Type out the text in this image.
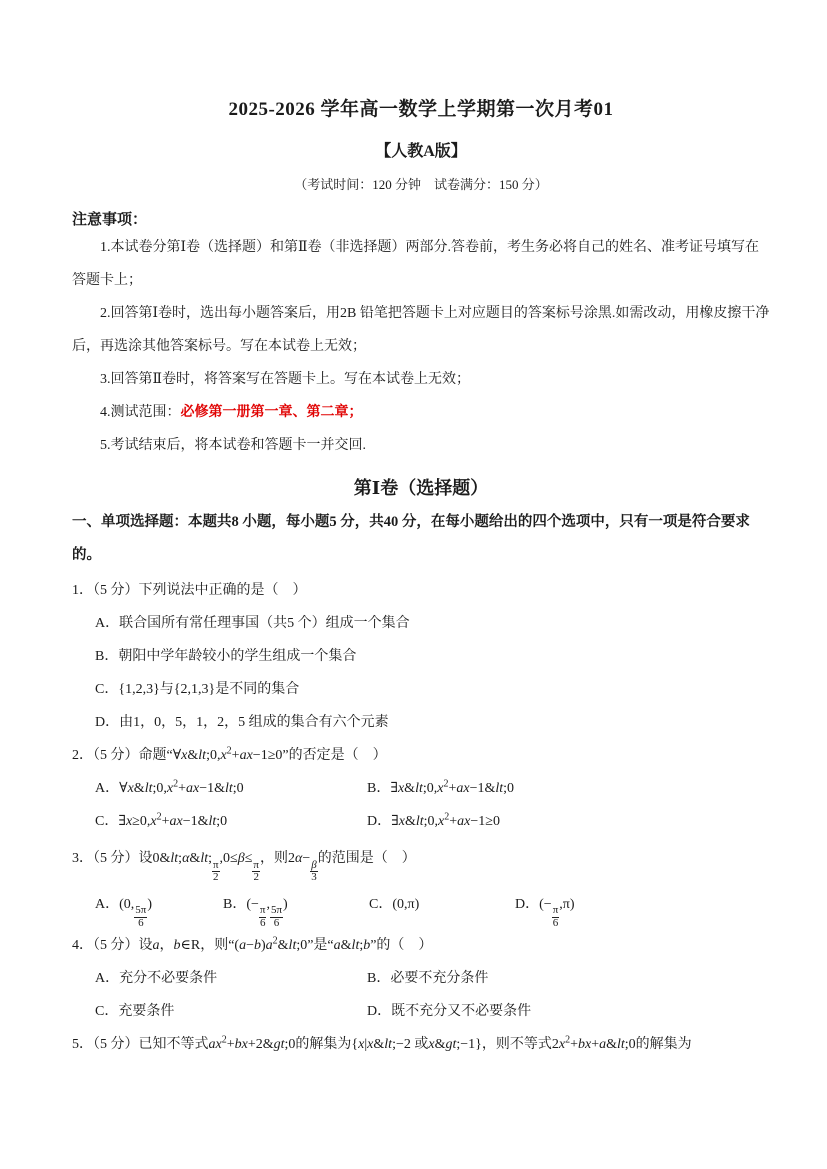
2025-2026 学年高一数学上学期第一次月考01

【人教A版】

（考试时间：120 分钟　试卷满分：150 分）

注意事项：

1.本试卷分第Ⅰ卷（选择题）和第Ⅱ卷（非选择题）两部分.答卷前，考生务必将自己的姓名、准考证号填写在答题卡上；

2.回答第Ⅰ卷时，选出每小题答案后，用2B 铅笔把答题卡上对应题目的答案标号涂黑.如需改动，用橡皮擦干净后，再选涂其他答案标号。写在本试卷上无效；

3.回答第Ⅱ卷时，将答案写在答题卡上。写在本试卷上无效；

4.测试范围：必修第一册第一章、第二章；

5.考试结束后，将本试卷和答题卡一并交回.

第Ⅰ卷（选择题）

一、单项选择题：本题共8 小题，每小题5 分，共40 分，在每小题给出的四个选项中，只有一项是符合要求的。

1．（5 分）下列说法中正确的是（　）

A．联合国所有常任理事国（共5 个）组成一个集合

B．朝阳中学年龄较小的学生组成一个集合

C．{1,2,3}与{2,1,3}是不同的集合

D．由1，0，5，1，2，5 组成的集合有六个元素

2．（5 分）命题“$\forall x\&lt;0,x^2+ax-1\ge 0$”的否定是（　）

A．$\forall x\&lt;0,x^2+ax-1\&lt;0$	B．$\exists x\&lt;0,x^2+ax-1\&lt;0$

C．$\exists x\ge 0,x^2+ax-1\&lt;0$	D．$\exists x\&lt;0,x^2+ax-1\ge 0$

3．（5 分）设0&lt;α&lt;
$\frac{\pi}{2}$
,0≤β≤
$\frac{\pi}{2}$
，则2α−
$\frac{\beta}{3}$
的范围是（　）

A．(0,
$\frac{5\pi}{6}$
)	B．(−
$\frac{\pi}{6}$
,
$\frac{5\pi}{6}$
)	C．(0,π)	D．(−
$\frac{\pi}{6}$
,π)

4．（5 分）设a，b∈R，则“$(a-b)a^2\&lt;0$”是“a&lt;b”的（　）

A．充分不必要条件	B．必要不充分条件

C．充要条件	D．既不充分又不必要条件

5．（5 分）已知不等式$ax^2+bx+2\&gt;0$的解集为{x|x&lt;−2 或x&gt;−1}，则不等式$2x^2+bx+a\&lt;0$的解集为
